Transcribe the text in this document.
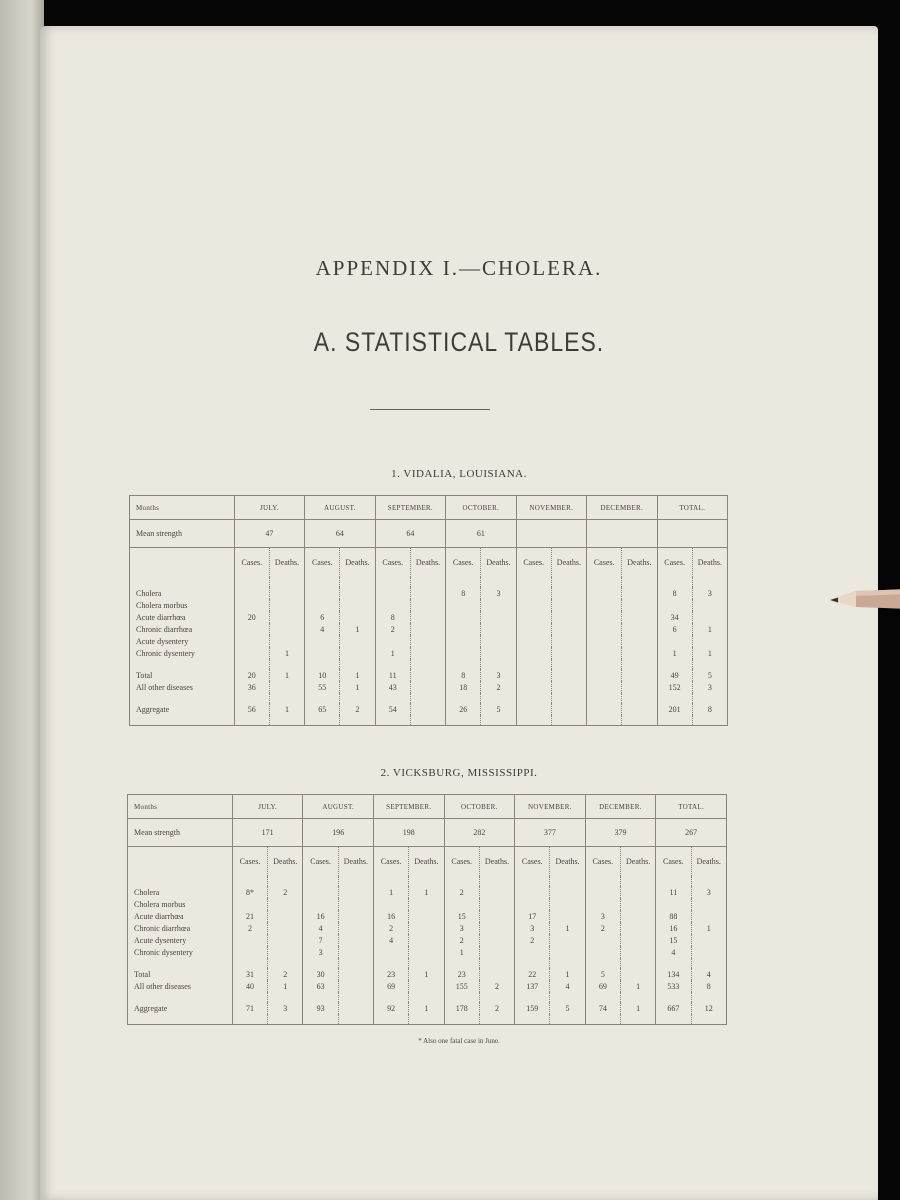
APPENDIX I.—CHOLERA.
A. STATISTICAL TABLES.
1. VIDALIA, LOUISIANA.
Months	JULY.		AUGUST.		SEPTEMBER.		OCTOBER.		NOVEMBER.		DECEMBER.		TOTAL.	
Mean strength	47		64		64		61							
	Cases.	Deaths.	Cases.	Deaths.	Cases.	Deaths.	Cases.	Deaths.	Cases.	Deaths.	Cases.	Deaths.	Cases.	Deaths.

Cholera							8	3					8	3
Cholera morbus														
Acute diarrhœa	20		6		8								34	
Chronic diarrhœa			4	1	2								6	1
Acute dysentery														
Chronic dysentery		1			1								1	1

Total	20	1	10	1	11		8	3					49	5
All other diseases	36		55	1	43		18	2					152	3

Aggregate	56	1	65	2	54		26	5					201	8

2. VICKSBURG, MISSISSIPPI.
Months	JULY.		AUGUST.		SEPTEMBER.		OCTOBER.		NOVEMBER.		DECEMBER.		TOTAL.	
Mean strength	171		196		198		282		377		379		267	
	Cases.	Deaths.	Cases.	Deaths.	Cases.	Deaths.	Cases.	Deaths.	Cases.	Deaths.	Cases.	Deaths.	Cases.	Deaths.

Cholera	8*	2			1	1	2						11	3
Cholera morbus														
Acute diarrhœa	21		16		16		15		17		3		88	
Chronic diarrhœa	2		4		2		3		3	1	2		16	1
Acute dysentery			7		4		2		2				15	
Chronic dysentery			3				1						4	

Total	31	2	30		23	1	23		22	1	5		134	4
All other diseases	40	1	63		69		155	2	137	4	69	1	533	8

Aggregate	71	3	93		92	1	178	2	159	5	74	1	667	12

* Also one fatal case in June.
